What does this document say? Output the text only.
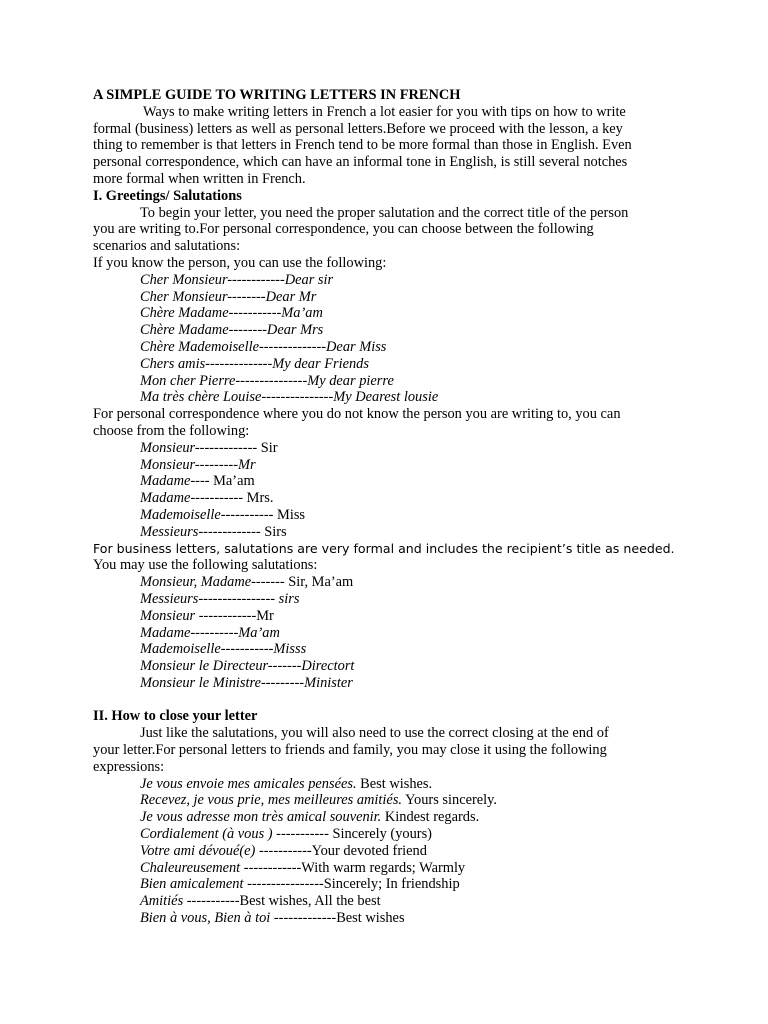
A SIMPLE GUIDE TO WRITING LETTERS IN FRENCH
Ways to make writing letters in French a lot easier for you with tips on how to write
formal (business) letters as well as personal letters.Before we proceed with the lesson, a key
thing to remember is that letters in French tend to be more formal than those in English. Even
personal correspondence, which can have an informal tone in English, is still several notches
more formal when written in French.
I. Greetings/ Salutations
To begin your letter, you need the proper salutation and the correct title of the person
you are writing to.For personal correspondence, you can choose between the following
scenarios and salutations:
If you know the person, you can use the following:
Cher Monsieur------------Dear sir
Cher Monsieur--------Dear Mr
Chère Madame-----------Ma’am
Chère Madame--------Dear Mrs
Chère Mademoiselle--------------Dear Miss
Chers amis--------------My dear Friends
Mon cher Pierre---------------My dear pierre
Ma très chère Louise---------------My Dearest lousie
For personal correspondence where you do not know the person you are writing to, you can
choose from the following:
Monsieur------------- Sir
Monsieur---------Mr
Madame---- Ma’am
Madame----------- Mrs.
Mademoiselle----------- Miss
Messieurs------------- Sirs
For business letters, salutations are very formal and includes the recipient’s title as needed.
You may use the following salutations:
Monsieur, Madame------- Sir, Ma’am
Messieurs---------------- sirs
Monsieur ------------Mr
Madame----------Ma’am
Mademoiselle-----------Misss
Monsieur le Directeur-------Directort
Monsieur le Ministre---------Minister
II. How to close your letter
Just like the salutations, you will also need to use the correct closing at the end of
your letter.For personal letters to friends and family, you may close it using the following
expressions:
Je vous envoie mes amicales pensées. Best wishes.
Recevez, je vous prie, mes meilleures amitiés. Yours sincerely.
Je vous adresse mon très amical souvenir. Kindest regards.
Cordialement (à vous ) ----------- Sincerely (yours)
Votre ami dévoué(e) -----------Your devoted friend
Chaleureusement ------------With warm regards; Warmly
Bien amicalement ----------------Sincerely; In friendship
Amitiés -----------Best wishes, All the best
Bien à vous, Bien à toi -------------Best wishes
